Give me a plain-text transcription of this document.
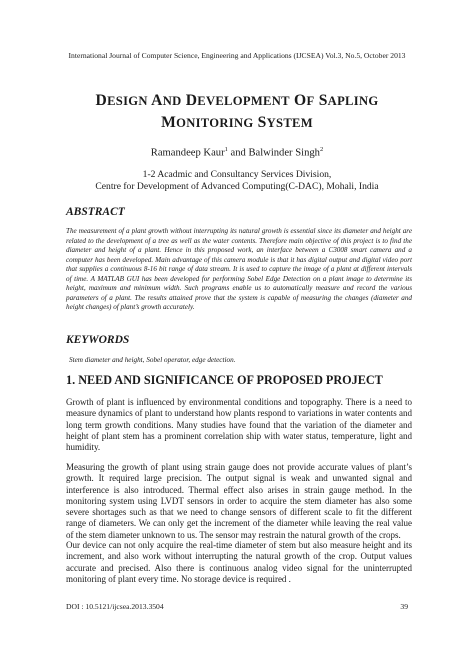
International Journal of Computer Science, Engineering and Applications (IJCSEA) Vol.3, No.5, October 2013
DESIGN AND DEVELOPMENT OF SAPLING
MONITORING SYSTEM
Ramandeep Kaur$^1$ and Balwinder Singh$^2$
1-2 Acadmic and Consultancy Services Division,
Centre for Development of Advanced Computing(C-DAC), Mohali, India
ABSTRACT
The measurement of a plant growth without interrupting its natural growth is essential since its diameter and height are related to the development of a tree as well as the water contents. Therefore main objective of this project is to find the diameter and height of a plant. Hence in this proposed work, an interface between a C3008 smart camera and a computer has been developed. Main advantage of this camera module is that it has digital output and digital video port that supplies a continuous 8-16 bit range of data stream. It is used to capture the image of a plant at different intervals of time. A MATLAB GUI has been developed for performing Sobel Edge Detection on a plant image to determine its height, maximum and minimum width. Such programs enable us to automatically measure and record the various parameters of a plant. The results attained prove that the system is capable of measuring the changes (diameter and height changes) of plant’s growth accurately.
KEYWORDS
Stem diameter and height, Sobel operator, edge detection.
1. NEED AND SIGNIFICANCE OF PROPOSED PROJECT
Growth of plant is influenced by environmental conditions and topography. There is a need to measure dynamics of plant to understand how plants respond to variations in water contents and long term growth conditions. Many studies have found that the variation of the diameter and height of plant stem has a prominent correlation ship with water status, temperature, light and humidity.
Measuring the growth of plant using strain gauge does not provide accurate values of plant’s growth. It required large precision. The output signal is weak and unwanted signal and interference is also introduced. Thermal effect also arises in strain gauge method. In the monitoring system using LVDT sensors in order to acquire the stem diameter has also some severe shortages such as that we need to change sensors of different scale to fit the different range of diameters. We can only get the increment of the diameter while leaving the real value of the stem diameter unknown to us. The sensor may restrain the natural growth of the crops.
Our device can not only acquire the real-time diameter of stem but also measure height and its increment, and also work without interrupting the natural growth of the crop. Output values accurate and precised. Also there is continuous analog video signal for the uninterrupted monitoring of plant every time. No storage device is required .
DOI : 10.5121/ijcsea.2013.3504	39
